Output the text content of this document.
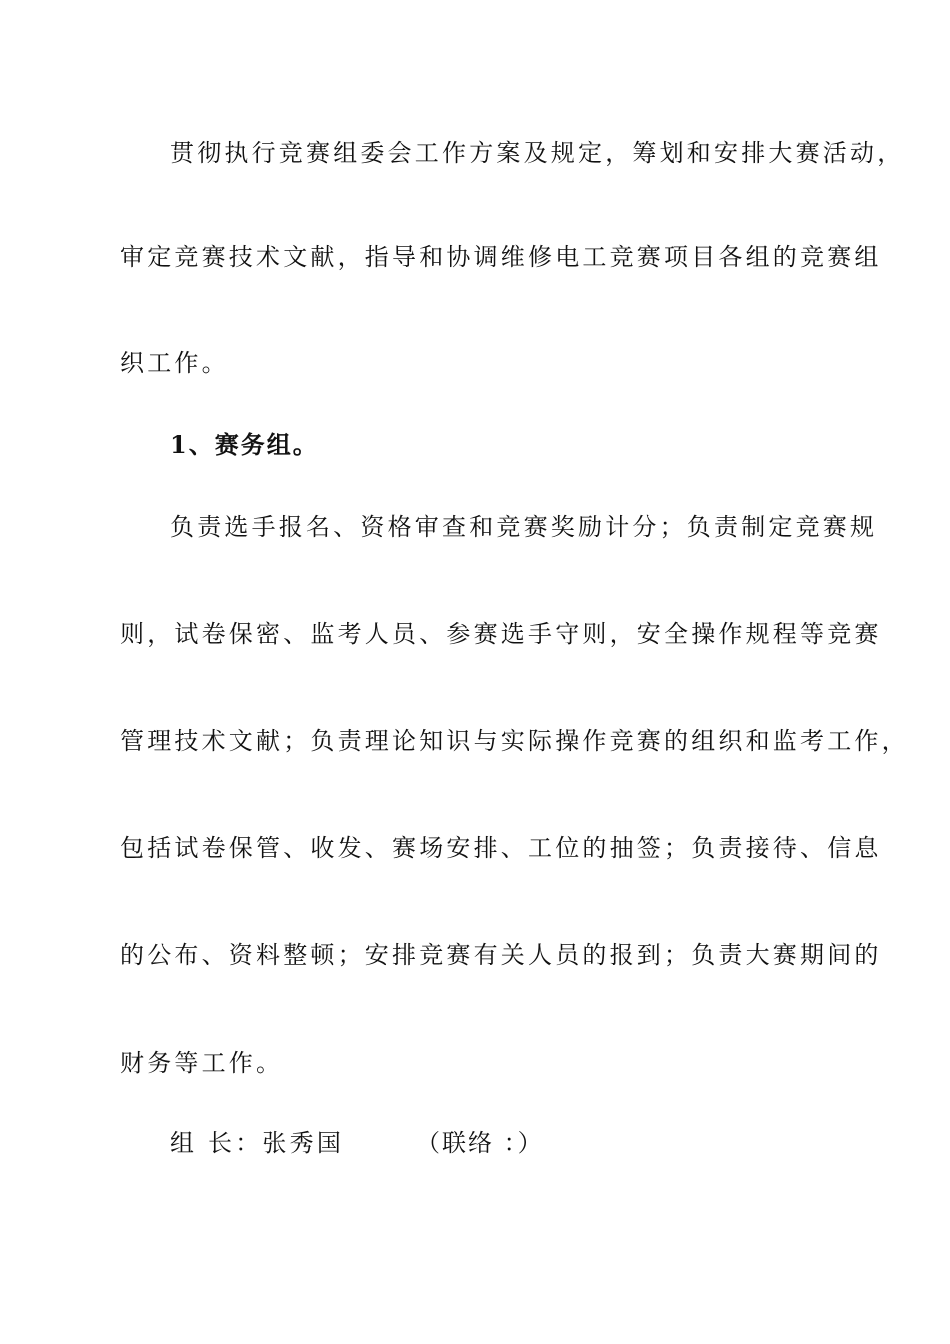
贯彻执行竞赛组委会工作方案及规定，筹划和安排大赛活动，
审定竞赛技术文献，指导和协调维修电工竞赛项目各组的竞赛组
织工作。
1、赛务组。
负责选手报名、资格审查和竞赛奖励计分；负责制定竞赛规
则，试卷保密、监考人员、参赛选手守则，安全操作规程等竞赛
管理技术文献；负责理论知识与实际操作竞赛的组织和监考工作，
包括试卷保管、收发、赛场安排、工位的抽签；负责接待、信息
的公布、资料整顿；安排竞赛有关人员的报到；负责大赛期间的
财务等工作。
组 长：张秀国	（联络 ：）
